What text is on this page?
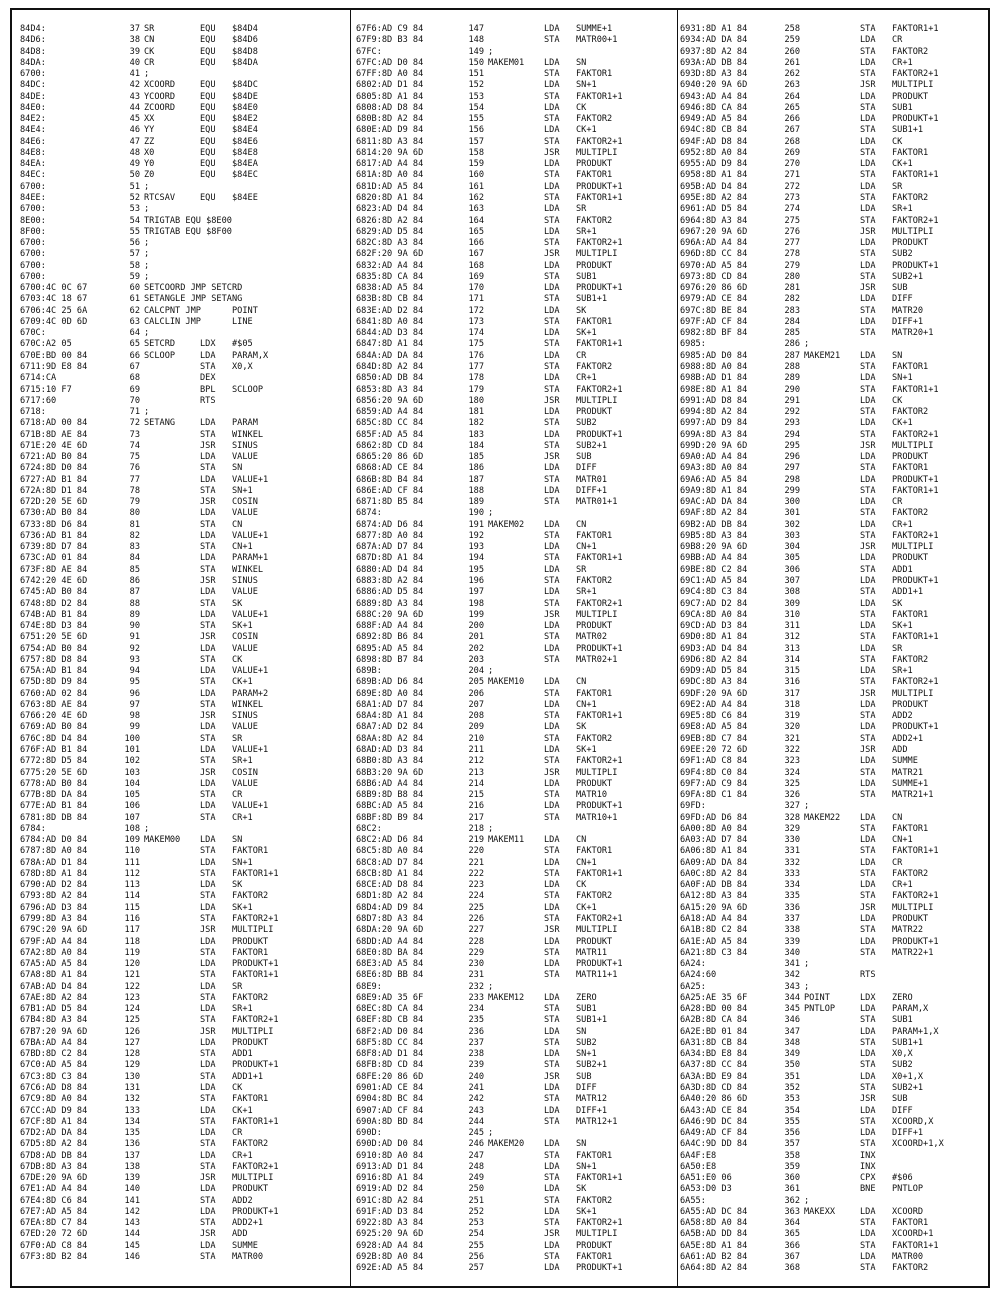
84D4:	37 SR	EQU	$84D4
84D6:	38 CN	EQU	$84D6
84D8:	39 CK	EQU	$84D8
84DA:	40 CR	EQU	$84DA
6700:	41 ;
84DC:	42 XCOORD	EQU	$84DC
84DE:	43 YCOORD	EQU	$84DE
84E0:	44 ZCOORD	EQU	$84E0
84E2:	45 XX	EQU	$84E2
84E4:	46 YY	EQU	$84E4
84E6:	47 ZZ	EQU	$84E6
84E8:	48 X0	EQU	$84E8
84EA:	49 Y0	EQU	$84EA
84EC:	50 Z0	EQU	$84EC
6700:	51 ;
84EE:	52 RTCSAV	EQU	$84EE
6700:	53 ;
8E00:	54 TRIGTAB EQU $8E00
8F00:	55 TRIGTAB EQU $8F00
6700:	56 ;
6700:	57 ;
6700:	58 ;
6700:	59 ;
6700:4C 0C 67	60 SETCOORD JMP SETCRD
6703:4C 18 67	61 SETANGLE JMP SETANG
6706:4C 25 6A	62 CALCPNT JMP	POINT
6709:4C 0D 6D	63 CALCLIN JMP	LINE
670C:	64 ;
670C:A2 05	65 SETCRD	LDX	#$05
670E:BD 00 84	66 SCLOOP	LDA	PARAM,X
6711:9D E8 84	67	STA	X0,X
6714:CA	68	DEX
6715:10 F7	69	BPL	SCLOOP
6717:60	70	RTS
6718:	71 ;
6718:AD 00 84	72 SETANG	LDA	PARAM
671B:8D AE 84	73	STA	WINKEL
671E:20 4E 6D	74	JSR	SINUS
6721:AD B0 84	75	LDA	VALUE
6724:8D D0 84	76	STA	SN
6727:AD B1 84	77	LDA	VALUE+1
672A:8D D1 84	78	STA	SN+1
672D:20 5E 6D	79	JSR	COSIN
6730:AD B0 84	80	LDA	VALUE
6733:8D D6 84	81	STA	CN
6736:AD B1 84	82	LDA	VALUE+1
6739:8D D7 84	83	STA	CN+1
673C:AD 01 84	84	LDA	PARAM+1
673F:8D AE 84	85	STA	WINKEL
6742:20 4E 6D	86	JSR	SINUS
6745:AD B0 84	87	LDA	VALUE
6748:8D D2 84	88	STA	SK
674B:AD B1 84	89	LDA	VALUE+1
674E:8D D3 84	90	STA	SK+1
6751:20 5E 6D	91	JSR	COSIN
6754:AD B0 84	92	LDA	VALUE
6757:8D D8 84	93	STA	CK
675A:AD B1 84	94	LDA	VALUE+1
675D:8D D9 84	95	STA	CK+1
6760:AD 02 84	96	LDA	PARAM+2
6763:8D AE 84	97	STA	WINKEL
6766:20 4E 6D	98	JSR	SINUS
6769:AD B0 84	99	LDA	VALUE
676C:8D D4 84	100	STA	SR
676F:AD B1 84	101	LDA	VALUE+1
6772:8D D5 84	102	STA	SR+1
6775:20 5E 6D	103	JSR	COSIN
6778:AD B0 84	104	LDA	VALUE
677B:8D DA 84	105	STA	CR
677E:AD B1 84	106	LDA	VALUE+1
6781:8D DB 84	107	STA	CR+1
6784:	108 ;
6784:AD D0 84	109 MAKEM00	LDA	SN
6787:8D A0 84	110	STA	FAKTOR1
678A:AD D1 84	111	LDA	SN+1
678D:8D A1 84	112	STA	FAKTOR1+1
6790:AD D2 84	113	LDA	SK
6793:8D A2 84	114	STA	FAKTOR2
6796:AD D3 84	115	LDA	SK+1
6799:8D A3 84	116	STA	FAKTOR2+1
679C:20 9A 6D	117	JSR	MULTIPLI
679F:AD A4 84	118	LDA	PRODUKT
67A2:8D A0 84	119	STA	FAKTOR1
67A5:AD A5 84	120	LDA	PRODUKT+1
67A8:8D A1 84	121	STA	FAKTOR1+1
67AB:AD D4 84	122	LDA	SR
67AE:8D A2 84	123	STA	FAKTOR2
67B1:AD D5 84	124	LDA	SR+1
67B4:8D A3 84	125	STA	FAKTOR2+1
67B7:20 9A 6D	126	JSR	MULTIPLI
67BA:AD A4 84	127	LDA	PRODUKT
67BD:8D C2 84	128	STA	ADD1
67C0:AD A5 84	129	LDA	PRODUKT+1
67C3:8D C3 84	130	STA	ADD1+1
67C6:AD D8 84	131	LDA	CK
67C9:8D A0 84	132	STA	FAKTOR1
67CC:AD D9 84	133	LDA	CK+1
67CF:8D A1 84	134	STA	FAKTOR1+1
67D2:AD DA 84	135	LDA	CR
67D5:8D A2 84	136	STA	FAKTOR2
67D8:AD DB 84	137	LDA	CR+1
67DB:8D A3 84	138	STA	FAKTOR2+1
67DE:20 9A 6D	139	JSR	MULTIPLI
67E1:AD A4 84	140	LDA	PRODUKT
67E4:8D C6 84	141	STA	ADD2
67E7:AD A5 84	142	LDA	PRODUKT+1
67EA:8D C7 84	143	STA	ADD2+1
67ED:20 72 6D	144	JSR	ADD
67F0:AD C8 84	145	LDA	SUMME
67F3:8D B2 84	146	STA	MATR00
67F6:AD C9 84	147	LDA	SUMME+1
67F9:8D B3 84	148	STA	MATR00+1
67FC:	149 ;
67FC:AD D0 84	150 MAKEM01	LDA	SN
67FF:8D A0 84	151	STA	FAKTOR1
6802:AD D1 84	152	LDA	SN+1
6805:8D A1 84	153	STA	FAKTOR1+1
6808:AD D8 84	154	LDA	CK
680B:8D A2 84	155	STA	FAKTOR2
680E:AD D9 84	156	LDA	CK+1
6811:8D A3 84	157	STA	FAKTOR2+1
6814:20 9A 6D	158	JSR	MULTIPLI
6817:AD A4 84	159	LDA	PRODUKT
681A:8D A0 84	160	STA	FAKTOR1
681D:AD A5 84	161	LDA	PRODUKT+1
6820:8D A1 84	162	STA	FAKTOR1+1
6823:AD D4 84	163	LDA	SR
6826:8D A2 84	164	STA	FAKTOR2
6829:AD D5 84	165	LDA	SR+1
682C:8D A3 84	166	STA	FAKTOR2+1
682F:20 9A 6D	167	JSR	MULTIPLI
6832:AD A4 84	168	LDA	PRODUKT
6835:8D CA 84	169	STA	SUB1
6838:AD A5 84	170	LDA	PRODUKT+1
683B:8D CB 84	171	STA	SUB1+1
683E:AD D2 84	172	LDA	SK
6841:8D A0 84	173	STA	FAKTOR1
6844:AD D3 84	174	LDA	SK+1
6847:8D A1 84	175	STA	FAKTOR1+1
684A:AD DA 84	176	LDA	CR
684D:8D A2 84	177	STA	FAKTOR2
6850:AD DB 84	178	LDA	CR+1
6853:8D A3 84	179	STA	FAKTOR2+1
6856:20 9A 6D	180	JSR	MULTIPLI
6859:AD A4 84	181	LDA	PRODUKT
685C:8D CC 84	182	STA	SUB2
685F:AD A5 84	183	LDA	PRODUKT+1
6862:8D CD 84	184	STA	SUB2+1
6865:20 86 6D	185	JSR	SUB
6868:AD CE 84	186	LDA	DIFF
686B:8D B4 84	187	STA	MATR01
686E:AD CF 84	188	LDA	DIFF+1
6871:8D B5 84	189	STA	MATR01+1
6874:	190 ;
6874:AD D6 84	191 MAKEM02	LDA	CN
6877:8D A0 84	192	STA	FAKTOR1
687A:AD D7 84	193	LDA	CN+1
687D:8D A1 84	194	STA	FAKTOR1+1
6880:AD D4 84	195	LDA	SR
6883:8D A2 84	196	STA	FAKTOR2
6886:AD D5 84	197	LDA	SR+1
6889:8D A3 84	198	STA	FAKTOR2+1
688C:20 9A 6D	199	JSR	MULTIPLI
688F:AD A4 84	200	LDA	PRODUKT
6892:8D B6 84	201	STA	MATR02
6895:AD A5 84	202	LDA	PRODUKT+1
6898:8D B7 84	203	STA	MATR02+1
689B:	204 ;
689B:AD D6 84	205 MAKEM10	LDA	CN
689E:8D A0 84	206	STA	FAKTOR1
68A1:AD D7 84	207	LDA	CN+1
68A4:8D A1 84	208	STA	FAKTOR1+1
68A7:AD D2 84	209	LDA	SK
68AA:8D A2 84	210	STA	FAKTOR2
68AD:AD D3 84	211	LDA	SK+1
68B0:8D A3 84	212	STA	FAKTOR2+1
68B3:20 9A 6D	213	JSR	MULTIPLI
68B6:AD A4 84	214	LDA	PRODUKT
68B9:8D B8 84	215	STA	MATR10
68BC:AD A5 84	216	LDA	PRODUKT+1
68BF:8D B9 84	217	STA	MATR10+1
68C2:	218 ;
68C2:AD D6 84	219 MAKEM11	LDA	CN
68C5:8D A0 84	220	STA	FAKTOR1
68C8:AD D7 84	221	LDA	CN+1
68CB:8D A1 84	222	STA	FAKTOR1+1
68CE:AD D8 84	223	LDA	CK
68D1:8D A2 84	224	STA	FAKTOR2
68D4:AD D9 84	225	LDA	CK+1
68D7:8D A3 84	226	STA	FAKTOR2+1
68DA:20 9A 6D	227	JSR	MULTIPLI
68DD:AD A4 84	228	LDA	PRODUKT
68E0:8D BA 84	229	STA	MATR11
68E3:AD A5 84	230	LDA	PRODUKT+1
68E6:8D BB 84	231	STA	MATR11+1
68E9:	232 ;
68E9:AD 35 6F	233 MAKEM12	LDA	ZERO
68EC:8D CA 84	234	STA	SUB1
68EF:8D CB 84	235	STA	SUB1+1
68F2:AD D0 84	236	LDA	SN
68F5:8D CC 84	237	STA	SUB2
68F8:AD D1 84	238	LDA	SN+1
68FB:8D CD 84	239	STA	SUB2+1
68FE:20 86 6D	240	JSR	SUB
6901:AD CE 84	241	LDA	DIFF
6904:8D BC 84	242	STA	MATR12
6907:AD CF 84	243	LDA	DIFF+1
690A:8D BD 84	244	STA	MATR12+1
690D:	245 ;
690D:AD D0 84	246 MAKEM20	LDA	SN
6910:8D A0 84	247	STA	FAKTOR1
6913:AD D1 84	248	LDA	SN+1
6916:8D A1 84	249	STA	FAKTOR1+1
6919:AD D2 84	250	LDA	SK
691C:8D A2 84	251	STA	FAKTOR2
691F:AD D3 84	252	LDA	SK+1
6922:8D A3 84	253	STA	FAKTOR2+1
6925:20 9A 6D	254	JSR	MULTIPLI
6928:AD A4 84	255	LDA	PRODUKT
692B:8D A0 84	256	STA	FAKTOR1
692E:AD A5 84	257	LDA	PRODUKT+1
6931:8D A1 84	258	STA	FAKTOR1+1
6934:AD DA 84	259	LDA	CR
6937:8D A2 84	260	STA	FAKTOR2
693A:AD DB 84	261	LDA	CR+1
693D:8D A3 84	262	STA	FAKTOR2+1
6940:20 9A 6D	263	JSR	MULTIPLI
6943:AD A4 84	264	LDA	PRODUKT
6946:8D CA 84	265	STA	SUB1
6949:AD A5 84	266	LDA	PRODUKT+1
694C:8D CB 84	267	STA	SUB1+1
694F:AD D8 84	268	LDA	CK
6952:8D A0 84	269	STA	FAKTOR1
6955:AD D9 84	270	LDA	CK+1
6958:8D A1 84	271	STA	FAKTOR1+1
695B:AD D4 84	272	LDA	SR
695E:8D A2 84	273	STA	FAKTOR2
6961:AD D5 84	274	LDA	SR+1
6964:8D A3 84	275	STA	FAKTOR2+1
6967:20 9A 6D	276	JSR	MULTIPLI
696A:AD A4 84	277	LDA	PRODUKT
696D:8D CC 84	278	STA	SUB2
6970:AD A5 84	279	LDA	PRODUKT+1
6973:8D CD 84	280	STA	SUB2+1
6976:20 86 6D	281	JSR	SUB
6979:AD CE 84	282	LDA	DIFF
697C:8D BE 84	283	STA	MATR20
697F:AD CF 84	284	LDA	DIFF+1
6982:8D BF 84	285	STA	MATR20+1
6985:	286 ;
6985:AD D0 84	287 MAKEM21	LDA	SN
6988:8D A0 84	288	STA	FAKTOR1
698B:AD D1 84	289	LDA	SN+1
698E:8D A1 84	290	STA	FAKTOR1+1
6991:AD D8 84	291	LDA	CK
6994:8D A2 84	292	STA	FAKTOR2
6997:AD D9 84	293	LDA	CK+1
699A:8D A3 84	294	STA	FAKTOR2+1
699D:20 9A 6D	295	JSR	MULTIPLI
69A0:AD A4 84	296	LDA	PRODUKT
69A3:8D A0 84	297	STA	FAKTOR1
69A6:AD A5 84	298	LDA	PRODUKT+1
69A9:8D A1 84	299	STA	FAKTOR1+1
69AC:AD DA 84	300	LDA	CR
69AF:8D A2 84	301	STA	FAKTOR2
69B2:AD DB 84	302	LDA	CR+1
69B5:8D A3 84	303	STA	FAKTOR2+1
69B8:20 9A 6D	304	JSR	MULTIPLI
69BB:AD A4 84	305	LDA	PRODUKT
69BE:8D C2 84	306	STA	ADD1
69C1:AD A5 84	307	LDA	PRODUKT+1
69C4:8D C3 84	308	STA	ADD1+1
69C7:AD D2 84	309	LDA	SK
69CA:8D A0 84	310	STA	FAKTOR1
69CD:AD D3 84	311	LDA	SK+1
69D0:8D A1 84	312	STA	FAKTOR1+1
69D3:AD D4 84	313	LDA	SR
69D6:8D A2 84	314	STA	FAKTOR2
69D9:AD D5 84	315	LDA	SR+1
69DC:8D A3 84	316	STA	FAKTOR2+1
69DF:20 9A 6D	317	JSR	MULTIPLI
69E2:AD A4 84	318	LDA	PRODUKT
69E5:8D C6 84	319	STA	ADD2
69E8:AD A5 84	320	LDA	PRODUKT+1
69EB:8D C7 84	321	STA	ADD2+1
69EE:20 72 6D	322	JSR	ADD
69F1:AD C8 84	323	LDA	SUMME
69F4:8D C0 84	324	STA	MATR21
69F7:AD C9 84	325	LDA	SUMME+1
69FA:8D C1 84	326	STA	MATR21+1
69FD:	327 ;
69FD:AD D6 84	328 MAKEM22	LDA	CN
6A00:8D A0 84	329	STA	FAKTOR1
6A03:AD D7 84	330	LDA	CN+1
6A06:8D A1 84	331	STA	FAKTOR1+1
6A09:AD DA 84	332	LDA	CR
6A0C:8D A2 84	333	STA	FAKTOR2
6A0F:AD DB 84	334	LDA	CR+1
6A12:8D A3 84	335	STA	FAKTOR2+1
6A15:20 9A 6D	336	JSR	MULTIPLI
6A18:AD A4 84	337	LDA	PRODUKT
6A1B:8D C2 84	338	STA	MATR22
6A1E:AD A5 84	339	LDA	PRODUKT+1
6A21:8D C3 84	340	STA	MATR22+1
6A24:	341 ;
6A24:60	342	RTS
6A25:	343 ;
6A25:AE 35 6F	344 POINT	LDX	ZERO
6A28:BD 00 84	345 PNTLOP	LDA	PARAM,X
6A2B:8D CA 84	346	STA	SUB1
6A2E:BD 01 84	347	LDA	PARAM+1,X
6A31:8D CB 84	348	STA	SUB1+1
6A34:BD E8 84	349	LDA	X0,X
6A37:8D CC 84	350	STA	SUB2
6A3A:BD E9 84	351	LDA	X0+1,X
6A3D:8D CD 84	352	STA	SUB2+1
6A40:20 86 6D	353	JSR	SUB
6A43:AD CE 84	354	LDA	DIFF
6A46:9D DC 84	355	STA	XCOORD,X
6A49:AD CF 84	356	LDA	DIFF+1
6A4C:9D DD 84	357	STA	XCOORD+1,X
6A4F:E8	358	INX
6A50:E8	359	INX
6A51:E0 06	360	CPX	#$06
6A53:D0 D3	361	BNE	PNTLOP
6A55:	362 ;
6A55:AD DC 84	363 MAKEXX	LDA	XCOORD
6A58:8D A0 84	364	STA	FAKTOR1
6A5B:AD DD 84	365	LDA	XCOORD+1
6A5E:8D A1 84	366	STA	FAKTOR1+1
6A61:AD B2 84	367	LDA	MATR00
6A64:8D A2 84	368	STA	FAKTOR2
